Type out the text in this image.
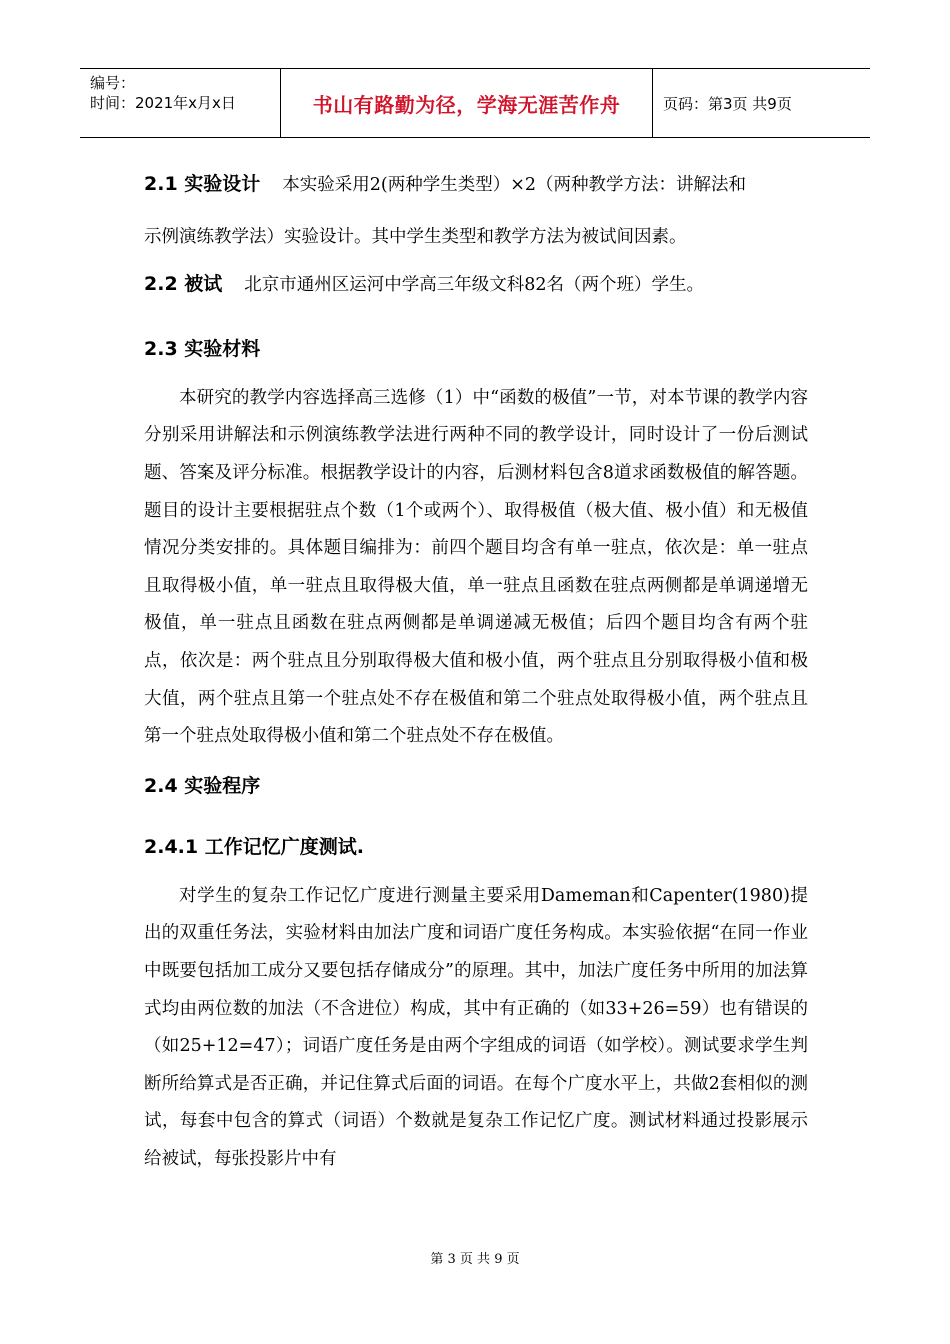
编号：
时间：2021年x月x日	书山有路勤为径，学海无涯苦作舟	页码：第3页 共9页

2.1 实验设计 本实验采用2(两种学生类型）×2（两种教学方法：讲解法和

示例演练教学法）实验设计。其中学生类型和教学方法为被试间因素。

2.2 被试 北京市通州区运河中学高三年级文科82名（两个班）学生。

2.3 实验材料

本研究的教学内容选择高三选修（1）中“函数的极值”一节，对本节课的教学内容分别采用讲解法和示例演练教学法进行两种不同的教学设计，同时设计了一份后测试题、答案及评分标准。根据教学设计的内容，后测材料包含8道求函数极值的解答题。题目的设计主要根据驻点个数（1个或两个）、取得极值（极大值、极小值）和无极值情况分类安排的。具体题目编排为：前四个题目均含有单一驻点，依次是：单一驻点且取得极小值，单一驻点且取得极大值，单一驻点且函数在驻点两侧都是单调递增无极值，单一驻点且函数在驻点两侧都是单调递减无极值；后四个题目均含有两个驻点，依次是：两个驻点且分别取得极大值和极小值，两个驻点且分别取得极小值和极大值，两个驻点且第一个驻点处不存在极值和第二个驻点处取得极小值，两个驻点且第一个驻点处取得极小值和第二个驻点处不存在极值。

2.4 实验程序

2.4.1 工作记忆广度测试.

对学生的复杂工作记忆广度进行测量主要采用Dameman和Capenter(1980)提出的双重任务法，实验材料由加法广度和词语广度任务构成。本实验依据“在同一作业中既要包括加工成分又要包括存储成分”的原理。其中，加法广度任务中所用的加法算式均由两位数的加法（不含进位）构成，其中有正确的（如33+26=59）也有错误的（如25+12=47）；词语广度任务是由两个字组成的词语（如学校）。测试要求学生判断所给算式是否正确，并记住算式后面的词语。在每个广度水平上，共做2套相似的测试，每套中包含的算式（词语）个数就是复杂工作记忆广度。测试材料通过投影展示给被试，每张投影片中有

第 3 页 共 9 页
